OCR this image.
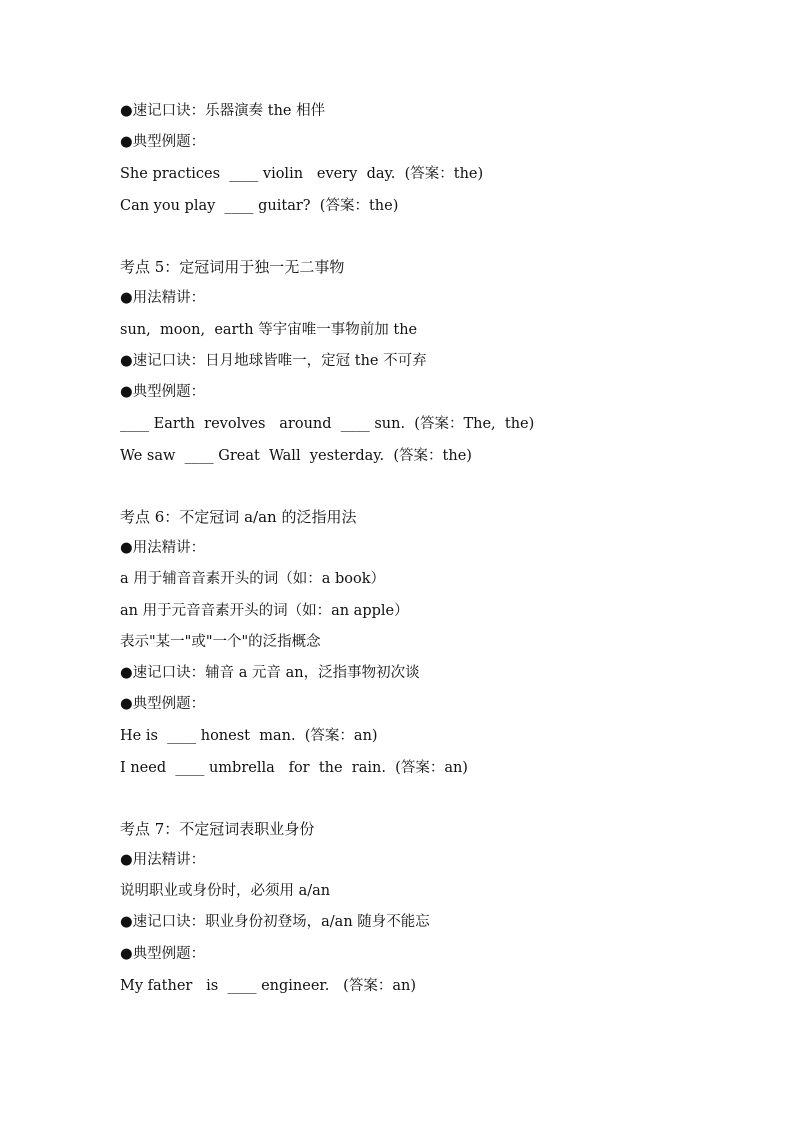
●速记口诀：乐器演奏 the 相伴
●典型例题：
She practices  ____ violin   every  day.  (答案：the)
Can you play  ____ guitar?  (答案：the)
考点 5：定冠词用于独一无二事物
●用法精讲：
sun,  moon,  earth 等宇宙唯一事物前加 the
●速记口诀：日月地球皆唯一，定冠 the 不可弃
●典型例题：
____ Earth  revolves   around  ____ sun.  (答案：The,  the)
We saw  ____ Great  Wall  yesterday.  (答案：the)
考点 6：不定冠词 a/an 的泛指用法
●用法精讲：
a 用于辅音音素开头的词（如：a book）
an 用于元音音素开头的词（如：an apple）
表示"某一"或"一个"的泛指概念
●速记口诀：辅音 a 元音 an，泛指事物初次谈
●典型例题：
He is  ____ honest  man.  (答案：an)
I need  ____ umbrella   for  the  rain.  (答案：an)
考点 7：不定冠词表职业身份
●用法精讲：
说明职业或身份时，必须用 a/an
●速记口诀：职业身份初登场，a/an 随身不能忘
●典型例题：
My father   is  ____ engineer.   (答案：an)
